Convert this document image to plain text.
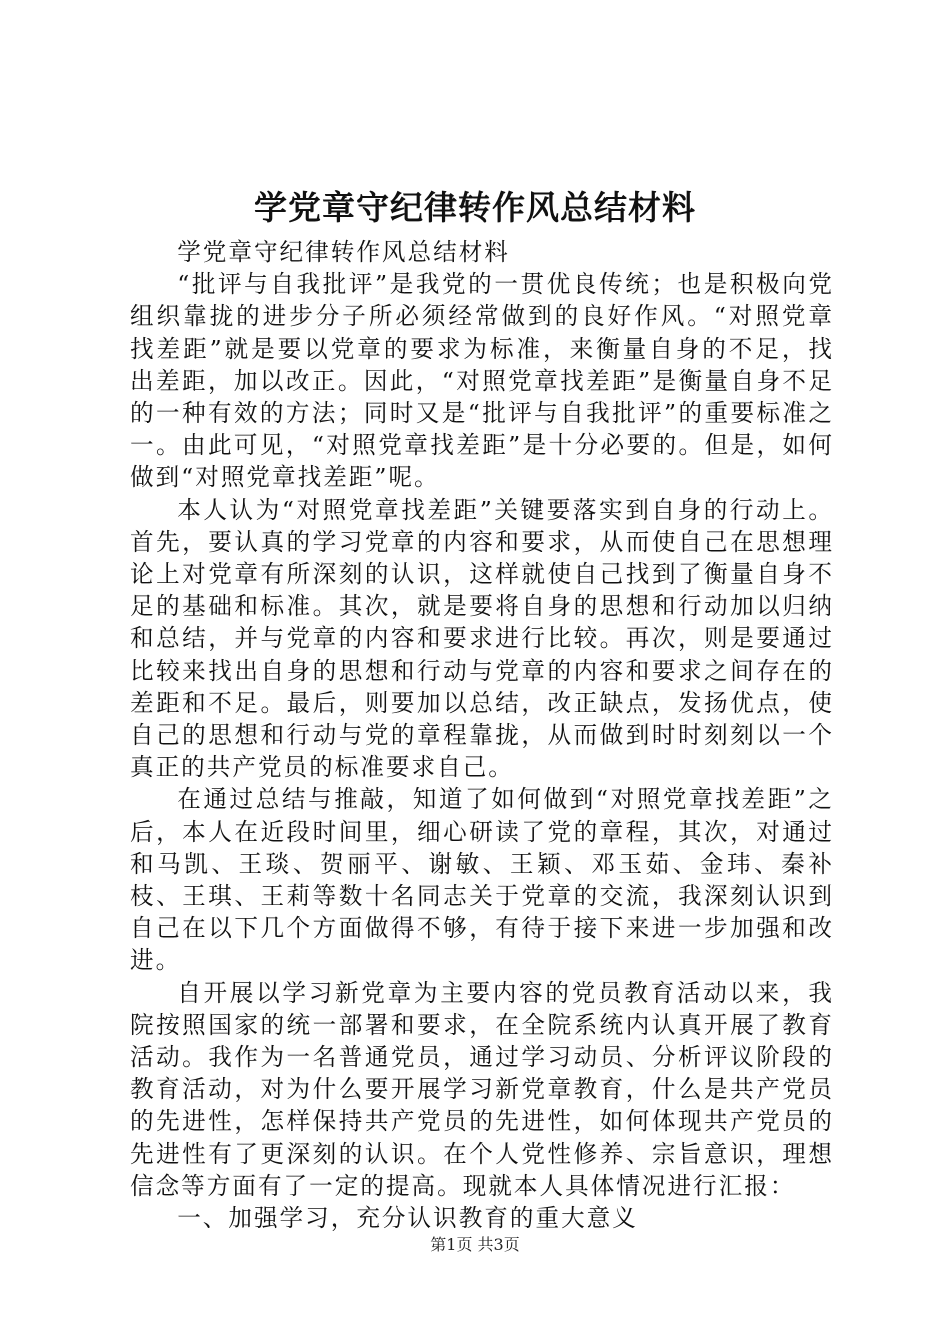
学党章守纪律转作风总结材料

学党章守纪律转作风总结材料

“批评与自我批评”是我党的一贯优良传统；也是积极向党组织靠拢的进步分子所必须经常做到的良好作风。“对照党章找差距”就是要以党章的要求为标准，来衡量自身的不足，找出差距，加以改正。因此，“对照党章找差距”是衡量自身不足的一种有效的方法；同时又是“批评与自我批评”的重要标准之一。由此可见，“对照党章找差距”是十分必要的。但是，如何做到“对照党章找差距”呢。

本人认为“对照党章找差距”关键要落实到自身的行动上。首先，要认真的学习党章的内容和要求，从而使自己在思想理论上对党章有所深刻的认识，这样就使自己找到了衡量自身不足的基础和标准。其次，就是要将自身的思想和行动加以归纳和总结，并与党章的内容和要求进行比较。再次，则是要通过比较来找出自身的思想和行动与党章的内容和要求之间存在的差距和不足。最后，则要加以总结，改正缺点，发扬优点，使自己的思想和行动与党的章程靠拢，从而做到时时刻刻以一个真正的共产党员的标准要求自己。

在通过总结与推敲，知道了如何做到“对照党章找差距”之后，本人在近段时间里，细心研读了党的章程，其次，对通过和马凯、王琰、贺丽平、谢敏、王颖、邓玉茹、金玮、秦补枝、王琪、王莉等数十名同志关于党章的交流，我深刻认识到自己在以下几个方面做得不够，有待于接下来进一步加强和改进。

自开展以学习新党章为主要内容的党员教育活动以来，我院按照国家的统一部署和要求，在全院系统内认真开展了教育活动。我作为一名普通党员，通过学习动员、分析评议阶段的教育活动，对为什么要开展学习新党章教育，什么是共产党员的先进性，怎样保持共产党员的先进性，如何体现共产党员的先进性有了更深刻的认识。在个人党性修养、宗旨意识，理想信念等方面有了一定的提高。现就本人具体情况进行汇报：

一、加强学习，充分认识教育的重大意义

第1页 共3页
